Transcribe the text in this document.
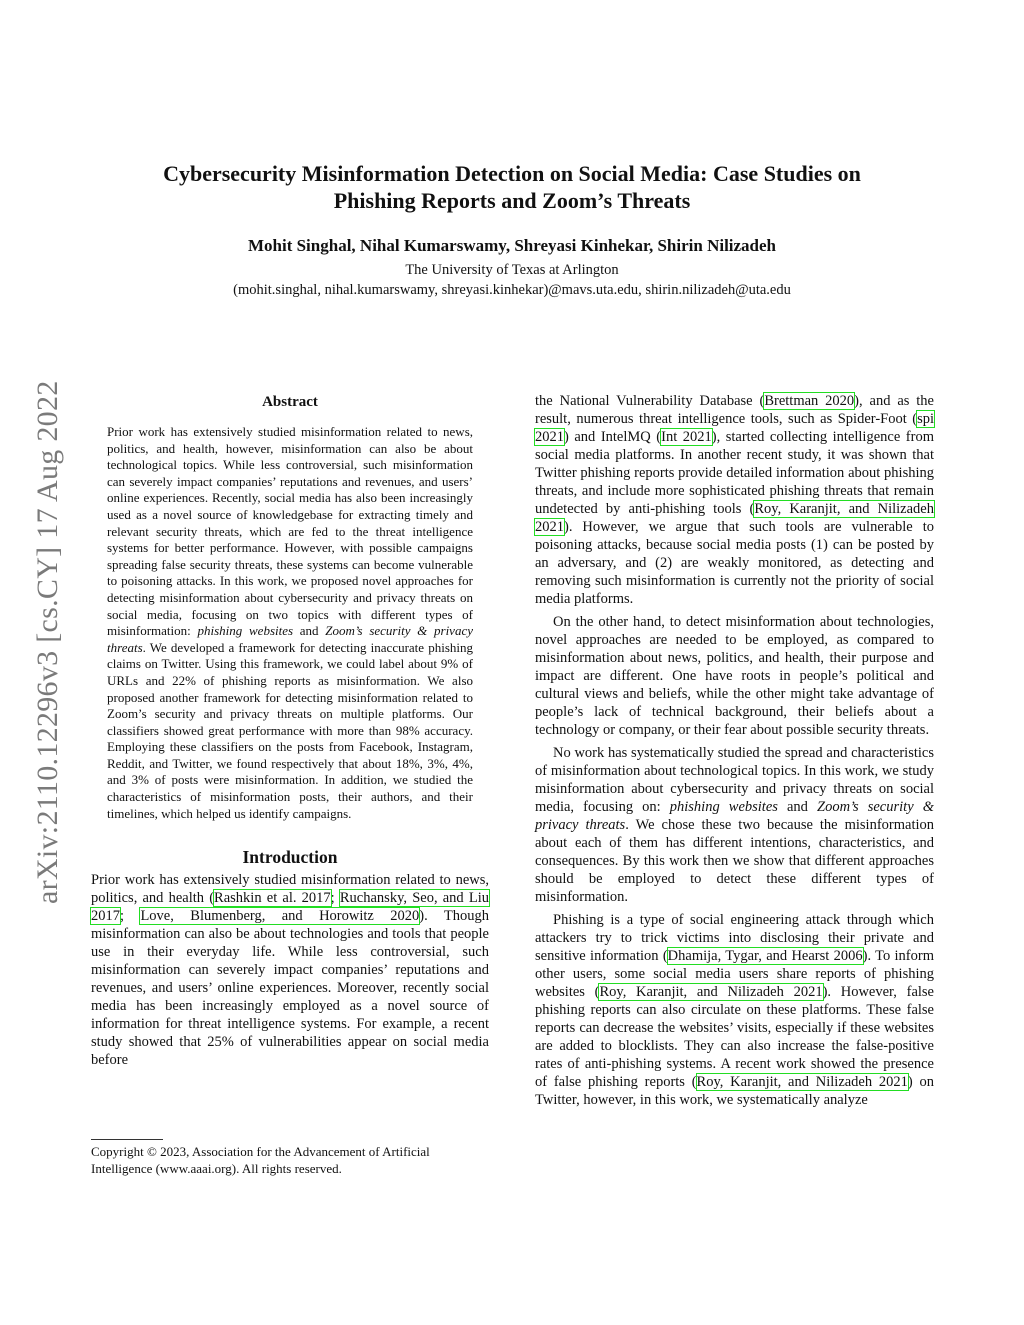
Cybersecurity Misinformation Detection on Social Media: Case Studies on
Phishing Reports and Zoom’s Threats
Mohit Singhal, Nihal Kumarswamy, Shreyasi Kinhekar, Shirin Nilizadeh
The University of Texas at Arlington
(mohit.singhal, nihal.kumarswamy, shreyasi.kinhekar)@mavs.uta.edu, shirin.nilizadeh@uta.edu
arXiv:2110.12296v3 [cs.CY] 17 Aug 2022	Abstract

Prior work has extensively studied misinformation related to news, politics, and health, however, misinformation can also be about technological topics. While less controversial, such misinformation can severely impact companies’ reputations and revenues, and users’ online experiences. Recently, social media has also been increasingly used as a novel source of knowledgebase for extracting timely and relevant security threats, which are fed to the threat intelligence systems for better performance. However, with possible campaigns spreading false security threats, these systems can become vulnerable to poisoning attacks. In this work, we proposed novel approaches for detecting misinformation about cybersecurity and privacy threats on social media, focusing on two topics with different types of misinformation: phishing websites and Zoom’s security & privacy threats. We developed a framework for detecting inaccurate phishing claims on Twitter. Using this framework, we could label about 9% of URLs and 22% of phishing reports as misinformation. We also proposed another framework for detecting misinformation related to Zoom’s security and privacy threats on multiple platforms. Our classifiers showed great performance with more than 98% accuracy. Employing these classifiers on the posts from Facebook, Instagram, Reddit, and Twitter, we found respectively that about 18%, 3%, 4%, and 3% of posts were misinformation. In addition, we studied the characteristics of misinformation posts, their authors, and their timelines, which helped us identify campaigns.

Introduction

Prior work has extensively studied misinformation related to news, politics, and health (Rashkin et al. 2017; Ruchansky, Seo, and Liu 2017; Love, Blumenberg, and Horowitz 2020). Though misinformation can also be about technologies and tools that people use in their everyday life. While less controversial, such misinformation can severely impact companies’ reputations and revenues, and users’ online experiences. Moreover, recently social media has been increasingly employed as a novel source of information for threat intelligence systems. For example, a recent study showed that 25% of vulnerabilities appear on social media before

Copyright © 2023, Association for the Advancement of Artificial
Intelligence (www.aaai.org). All rights reserved.

the National Vulnerability Database (Brettman 2020), and as the result, numerous threat intelligence tools, such as Spider-Foot (spi 2021) and IntelMQ (Int 2021), started collecting intelligence from social media platforms. In another recent study, it was shown that Twitter phishing reports provide detailed information about phishing threats, and include more sophisticated phishing threats that remain undetected by anti-phishing tools (Roy, Karanjit, and Nilizadeh 2021). However, we argue that such tools are vulnerable to poisoning attacks, because social media posts (1) can be posted by an adversary, and (2) are weakly monitored, as detecting and removing such misinformation is currently not the priority of social media platforms.

On the other hand, to detect misinformation about technologies, novel approaches are needed to be employed, as compared to misinformation about news, politics, and health, their purpose and impact are different. One have roots in people’s political and cultural views and beliefs, while the other might take advantage of people’s lack of technical background, their beliefs about a technology or company, or their fear about possible security threats.

No work has systematically studied the spread and characteristics of misinformation about technological topics. In this work, we study misinformation about cybersecurity and privacy threats on social media, focusing on: phishing websites and Zoom’s security & privacy threats. We chose these two because the misinformation about each of them has different intentions, characteristics, and consequences. By this work then we show that different approaches should be employed to detect these different types of misinformation.

Phishing is a type of social engineering attack through which attackers try to trick victims into disclosing their private and sensitive information (Dhamija, Tygar, and Hearst 2006). To inform other users, some social media users share reports of phishing websites (Roy, Karanjit, and Nilizadeh 2021). However, false phishing reports can also circulate on these platforms. These false reports can decrease the websites’ visits, especially if these websites are added to blocklists. They can also increase the false-positive rates of anti-phishing systems. A recent work showed the presence of false phishing reports (Roy, Karanjit, and Nilizadeh 2021) on Twitter, however, in this work, we systematically analyze
